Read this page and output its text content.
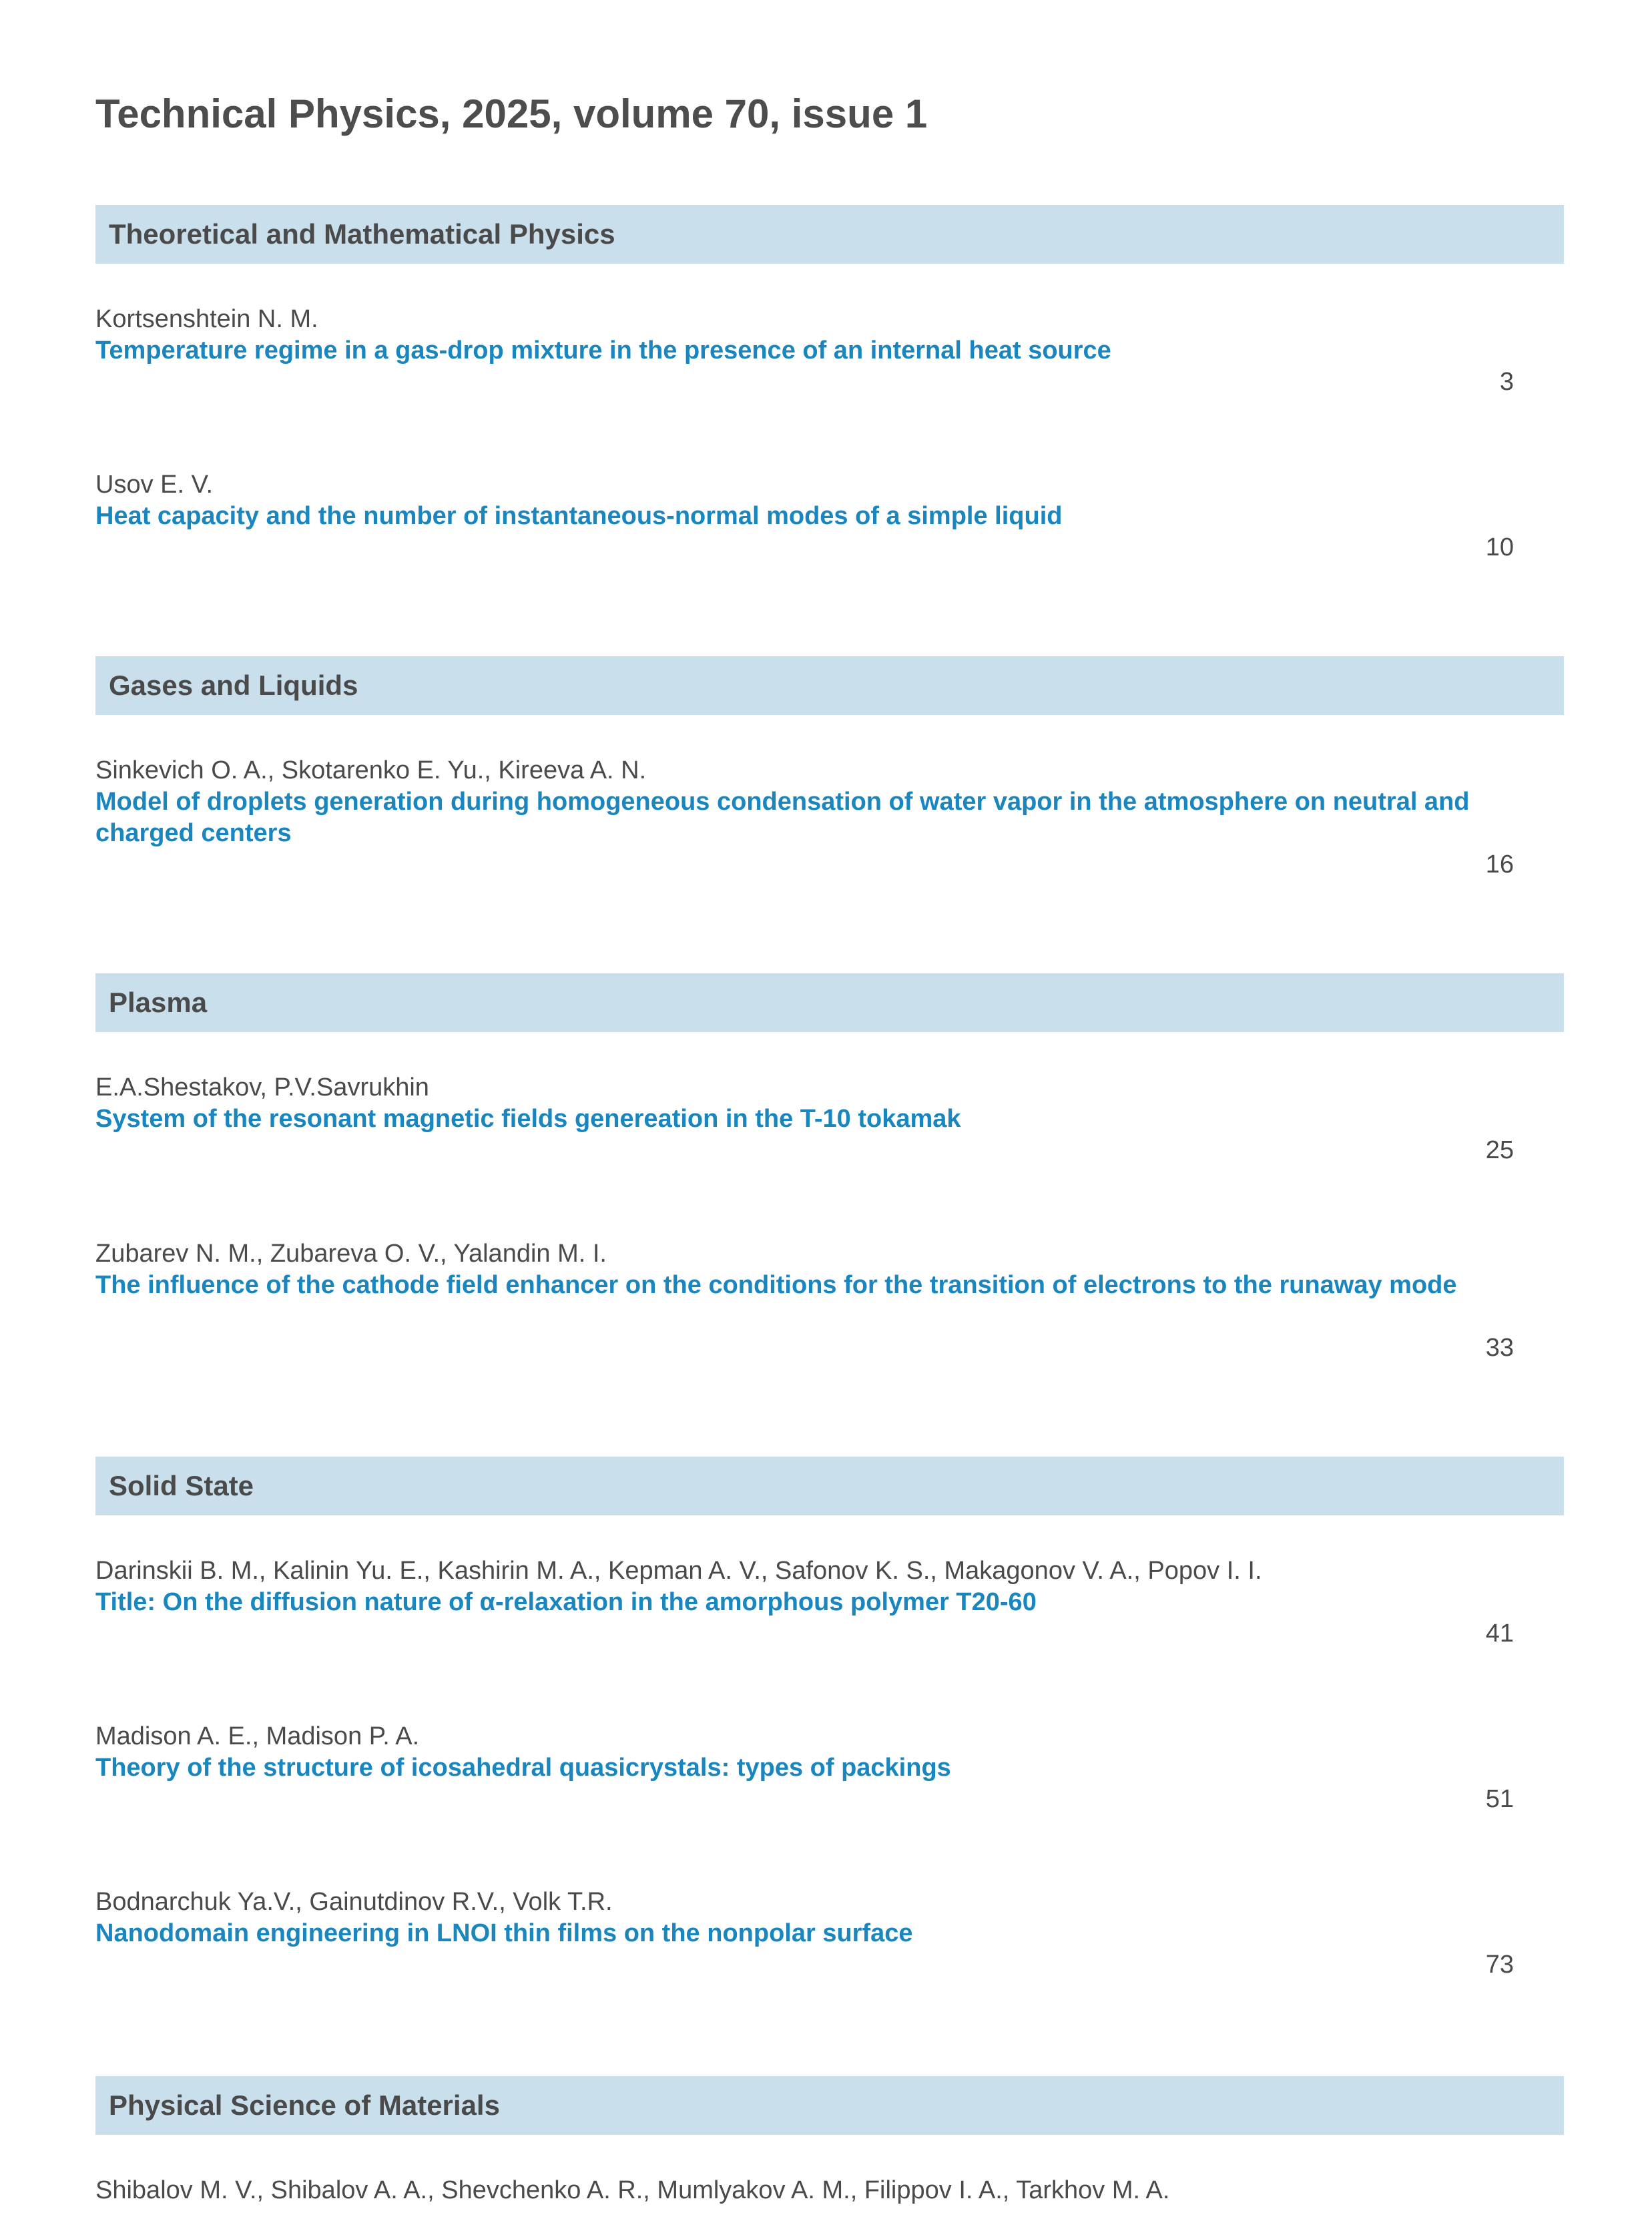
Technical Physics, 2025, volume 70, issue 1
Theoretical and Mathematical Physics
Kortsenshtein N. M.
Temperature regime in a gas-drop mixture in the presence of an internal heat source
3
Usov E. V.
Heat capacity and the number of instantaneous-normal modes of a simple liquid
10
Gases and Liquids
Sinkevich O. A., Skotarenko E. Yu., Kireeva A. N.
Model of droplets generation during homogeneous condensation of water vapor in the atmosphere on neutral and charged centers
16
Plasma
E.A.Shestakov, P.V.Savrukhin
System of the resonant magnetic fields genereation in the T-10 tokamak
25
Zubarev N. M., Zubareva O. V., Yalandin M. I.
The influence of the cathode field enhancer on the conditions for the transition of electrons to the runaway mode
33
Solid State
Darinskii B. M., Kalinin Yu. E., Kashirin M. A., Kepman A. V., Safonov K. S., Makagonov V. A., Popov I. I.
Title: On the diffusion nature of α-relaxation in the amorphous polymer T20-60
41
Madison A. E., Madison P. A.
Theory of the structure of icosahedral quasicrystals: types of packings
51
Bodnarchuk Ya.V., Gainutdinov R.V., Volk T.R.
Nanodomain engineering in LNOI thin films on the nonpolar surface
73
Physical Science of Materials
Shibalov M. V., Shibalov A. A., Shevchenko A. R., Mumlyakov A. M., Filippov I. A., Tarkhov M. A.
